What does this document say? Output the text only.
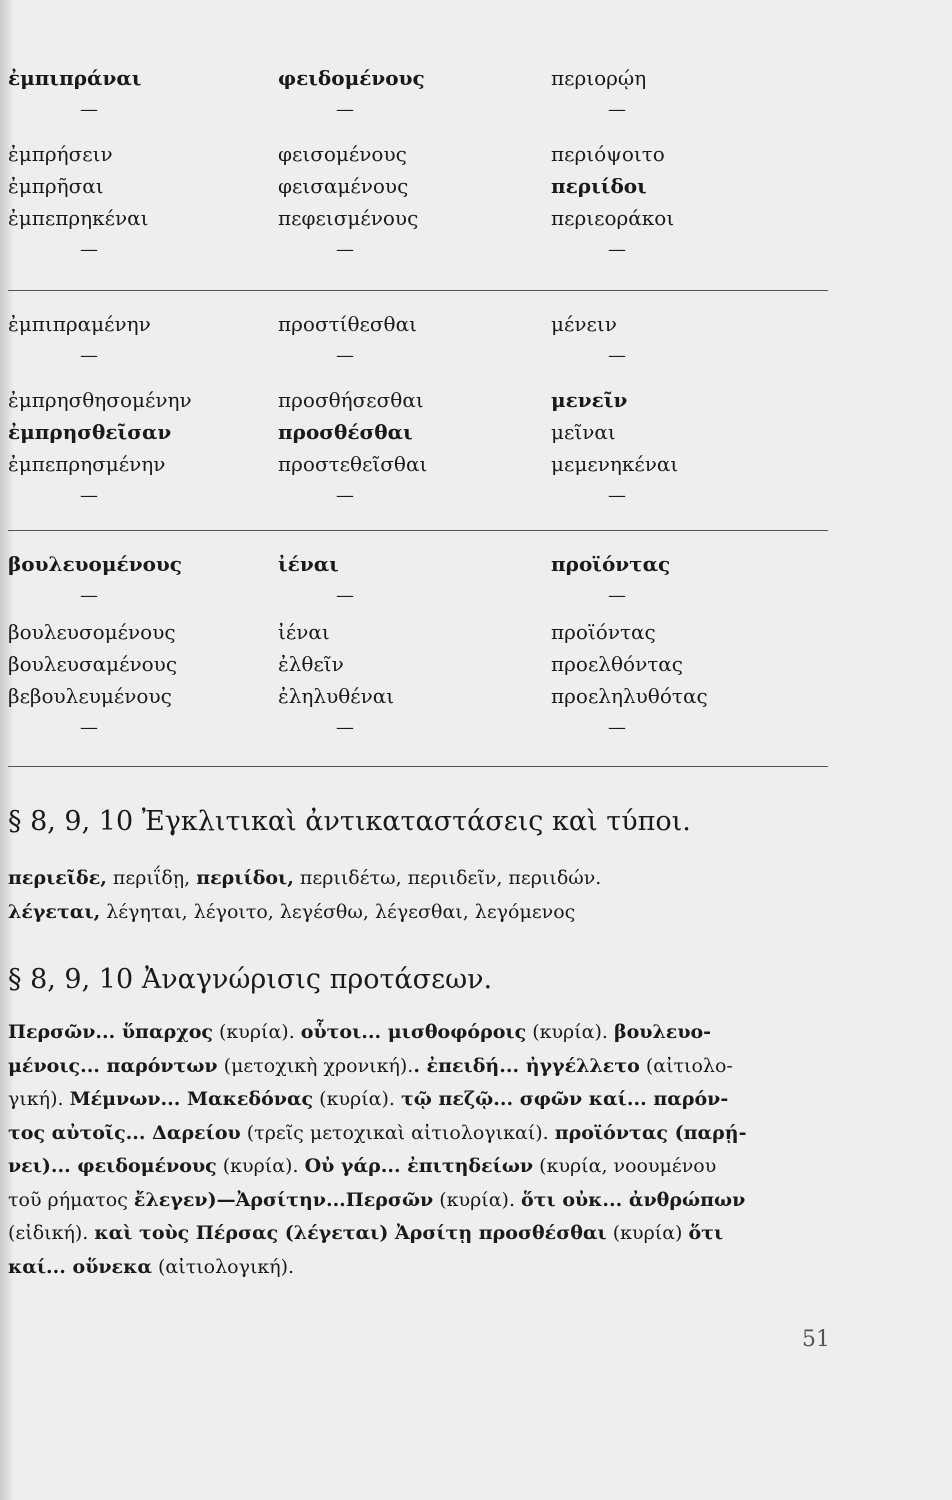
ἐμπιπράναι	φειδομένους	περιορῴη
—	—	—
ἐμπρήσειν	φεισομένους	περιόψοιτο
ἐμπρῆσαι	φεισαμένους	περιίδοι
ἐμπεπρηκέναι	πεφεισμένους	περιεοράκοι
—	—	—
ἐμπιπραμένην	προστίθεσθαι	μένειν
—	—	—
ἐμπρησθησομένην	προσθήσεσθαι	μενεῖν
ἐμπρησθεῖσαν	προσθέσθαι	μεῖναι
ἐμπεπρησμένην	προστεθεῖσθαι	μεμενηκέναι
—	—	—
βουλευομένους	ἰέναι	προϊόντας
—	—	—
βουλευσομένους	ἰέναι	προϊόντας
βουλευσαμένους	ἐλθεῖν	προελθόντας
βεβουλευμένους	ἐληλυθέναι	προεληλυθότας
—	—	—
§ 8, 9, 10 Ἐγκλιτικαὶ ἀντικαταστάσεις καὶ τύποι.
περιεῖδε, περιΐδῃ, περιίδοι, περιιδέτω, περιιδεῖν, περιιδών.
λέγεται, λέγηται, λέγοιτο, λεγέσθω, λέγεσθαι, λεγόμενος
§ 8, 9, 10 Ἀναγνώρισις προτάσεων.
Περσῶν... ὕπαρχος (κυρία). οὗτοι... μισθοφόροις (κυρία). βουλευο-
μένοις... παρόντων (μετοχικὴ χρονική).. ἐπειδή... ἠγγέλλετο (αἰτιολο-
γική). Μέμνων... Μακεδόνας (κυρία). τῷ πεζῷ... σφῶν καί... παρόν-
τος αὐτοῖς... Δαρείου (τρεῖς μετοχικαὶ αἰτιολογικαί). προϊόντας (παρῄ-
νει)... φειδομένους (κυρία). Οὐ γάρ... ἐπιτηδείων (κυρία, νοουμένου
τοῦ ρήματος ἔλεγεν)—Ἀρσίτην...Περσῶν (κυρία). ὅτι οὐκ... ἀνθρώπων
(εἰδική). καὶ τοὺς Πέρσας (λέγεται) Ἀρσίτῃ προσθέσθαι (κυρία) ὅτι
καί... οὕνεκα (αἰτιολογική).
51
